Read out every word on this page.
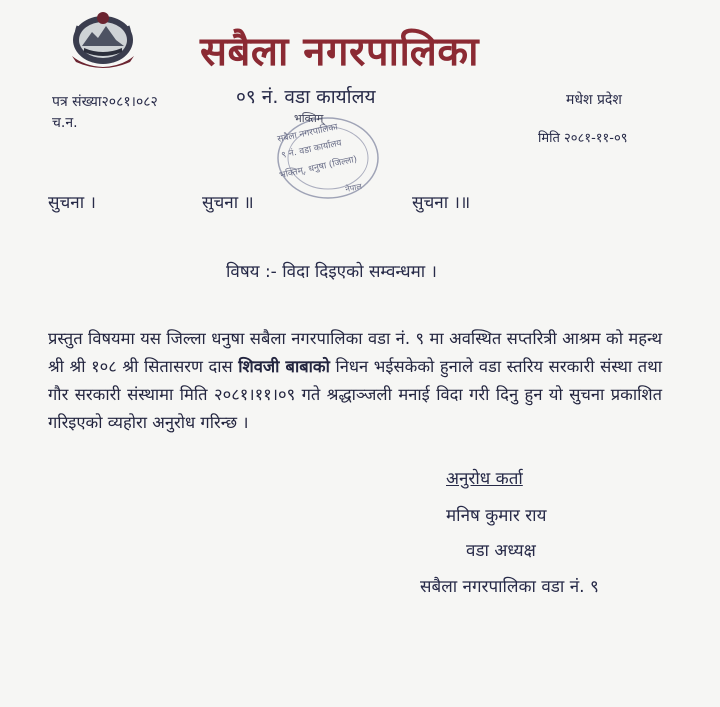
सबैला नगरपालिका
पत्र संख्या२०८१।०८२	०९ नं. वडा कार्यालय	मधेश प्रदेश
च.न.
मिति २०८१-११-०९
भक्तिम्
सबैला नगरपालिका
९ नं. वडा कार्यालय
भक्तिम्, धनुषा (जिल्ला)
नेपाल
सुचना ।	सुचना ॥	सुचना ।॥
विषय :- विदा दिइएको सम्वन्धमा ।
प्रस्तुत विषयमा यस जिल्ला धनुषा सबैला नगरपालिका वडा नं. ९ मा अवस्थित सप्तरित्री आश्रम को महन्थ श्री श्री १०८ श्री सितासरण दास शिवजी बाबाको निधन भईसकेको हुनाले वडा स्तरिय सरकारी संस्था तथा गौर सरकारी संस्थामा मिति २०८१।११।०९ गते श्रद्धाञ्जली मनाई विदा गरी दिनु हुन यो सुचना प्रकाशित गरिइएको व्यहोरा अनुरोध गरिन्छ ।
अनुरोध कर्ता
मनिष कुमार राय
वडा अध्यक्ष
सबैला नगरपालिका वडा नं. ९
